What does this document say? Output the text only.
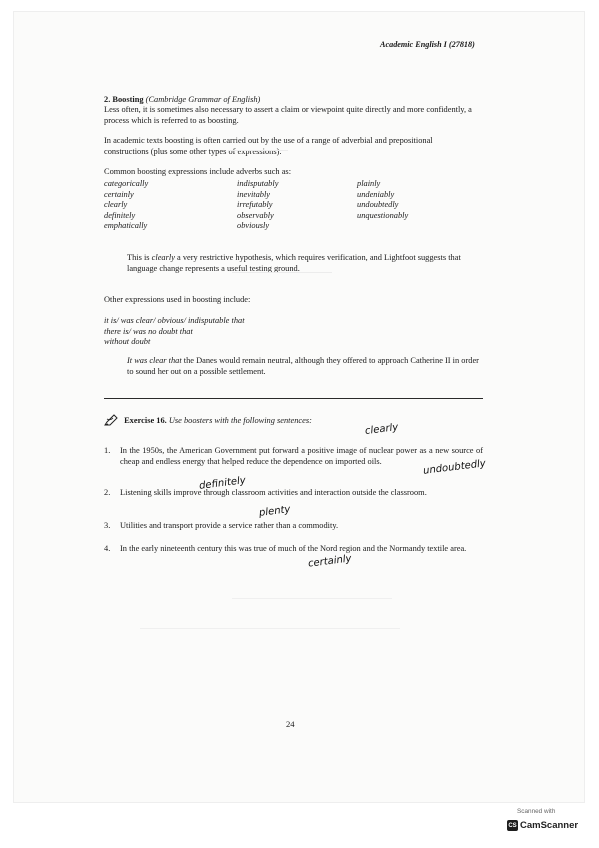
Academic English I (27818)
2. Boosting (Cambridge Grammar of English)
Less often, it is sometimes also necessary to assert a claim or viewpoint quite directly and more confidently, a process which is referred to as boosting.
In academic texts boosting is often carried out by the use of a range of adverbial and prepositional constructions (plus some other types of expressions):
Common boosting expressions include adverbs such as:
categorically
certainly
clearly
definitely
emphatically
indisputably
inevitably
irrefutably
observably
obviously
plainly
undeniably
undoubtedly
unquestionably
This is clearly a very restrictive hypothesis, which requires verification, and Lightfoot suggests that language change represents a useful testing ground.
Other expressions used in boosting include:
it is/ was clear/ obvious/ indisputable that
there is/ was no doubt that
without doubt
It was clear that the Danes would remain neutral, although they offered to approach Catherine II in order to sound her out on a possible settlement.
Exercise 16. Use boosters with the following sentences:
1. In the 1950s, the American Government put forward a positive image of nuclear power as a new source of cheap and endless energy that helped reduce the dependence on imported oils.
2. Listening skills improve through classroom activities and interaction outside the classroom.
3. Utilities and transport provide a service rather than a commodity.
4. In the early nineteenth century this was true of much of the Nord region and the Normandy textile area.
clearly
undoubtedly
definitely
plenty
certainly
24
Scanned with
CS CamScanner
